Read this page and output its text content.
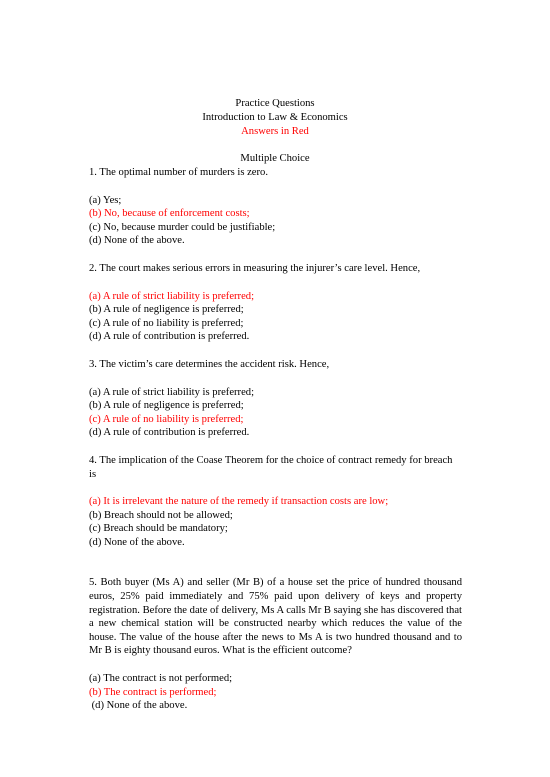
Practice Questions
Introduction to Law & Economics
Answers in Red
Multiple Choice

1. The optimal number of murders is zero.

(a) Yes;
(b) No, because of enforcement costs;
(c) No, because murder could be justifiable;
(d) None of the above.

2. The court makes serious errors in measuring the injurer’s care level. Hence,

(a) A rule of strict liability is preferred;
(b) A rule of negligence is preferred;
(c) A rule of no liability is preferred;
(d) A rule of contribution is preferred.

3. The victim’s care determines the accident risk. Hence,

(a) A rule of strict liability is preferred;
(b) A rule of negligence is preferred;
(c) A rule of no liability is preferred;
(d) A rule of contribution is preferred.

4. The implication of the Coase Theorem for the choice of contract remedy for breach is

(a) It is irrelevant the nature of the remedy if transaction costs are low;
(b) Breach should not be allowed;
(c) Breach should be mandatory;
(d) None of the above.

5. Both buyer (Ms A) and seller (Mr B) of a house set the price of hundred thousand euros, 25% paid immediately and 75% paid upon delivery of keys and property registration. Before the date of delivery, Ms A calls Mr B saying she has discovered that a new chemical station will be constructed nearby which reduces the value of the house. The value of the house after the news to Ms A is two hundred thousand and to Mr B is eighty thousand euros. What is the efficient outcome?

(a) The contract is not performed;
(b) The contract is performed;
(d) None of the above.
